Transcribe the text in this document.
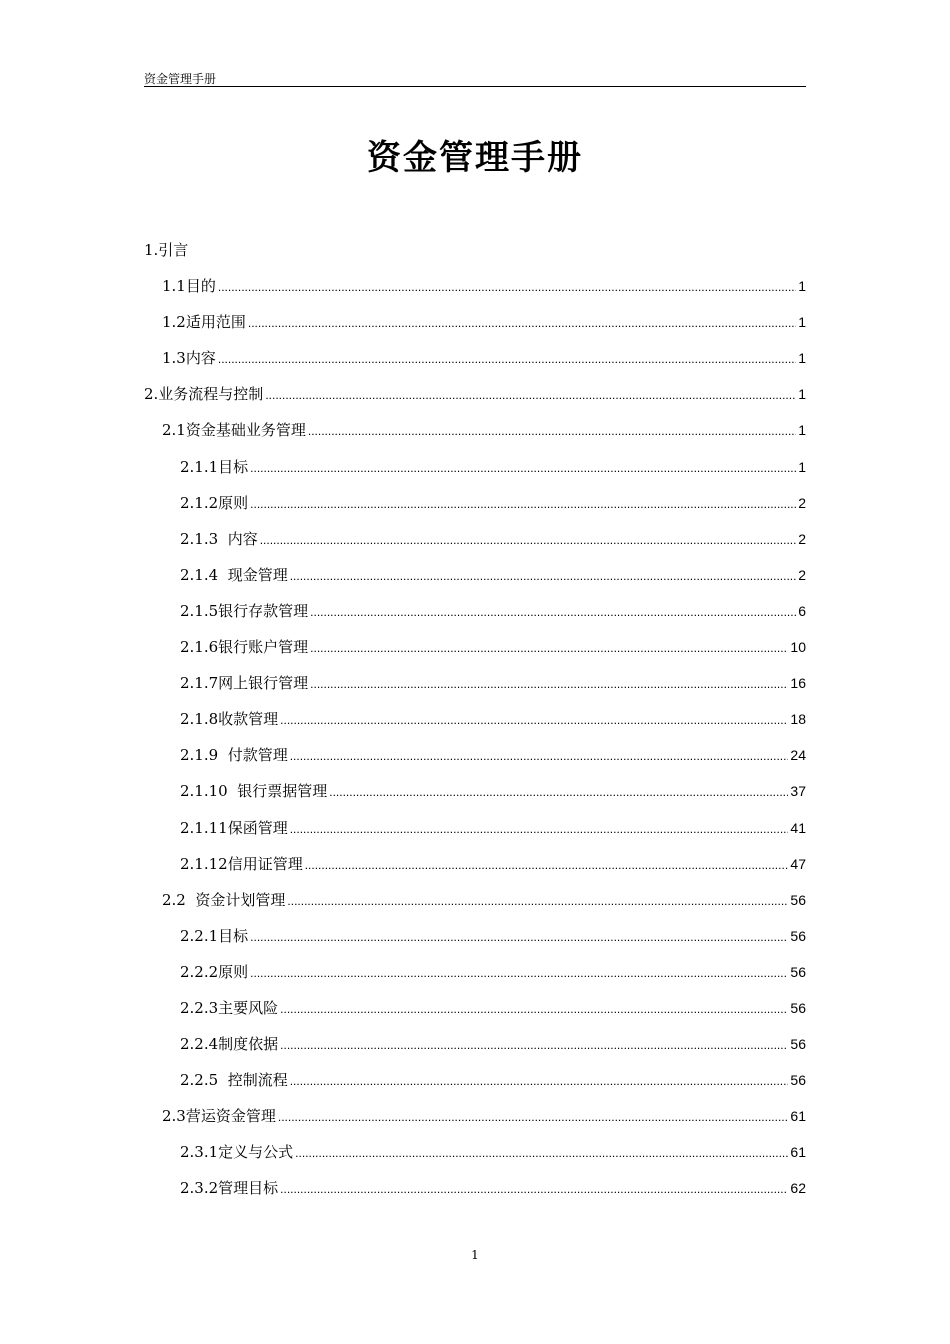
资金管理手册
资金管理手册
1.引言
1.1目的 .....	1
1.2适用范围 .....	1
1.3内容 .....	1
2.业务流程与控制 .....	1
2.1资金基础业务管理 .....	1
2.1.1目标 .....	1
2.1.2原则 .....	2
2.1.3  内容 .....	2
2.1.4  现金管理 .....	2
2.1.5银行存款管理 .....	6
2.1.6银行账户管理 .....	10
2.1.7网上银行管理 .....	16
2.1.8收款管理 .....	18
2.1.9  付款管理 .....	24
2.1.10  银行票据管理 .....	37
2.1.11保函管理 .....	41
2.1.12信用证管理 .....	47
2.2  资金计划管理 .....	56
2.2.1目标 .....	56
2.2.2原则 .....	56
2.2.3主要风险 .....	56
2.2.4制度依据 .....	56
2.2.5  控制流程 .....	56
2.3营运资金管理 .....	61
2.3.1定义与公式 .....	61
2.3.2管理目标 .....	62
1
